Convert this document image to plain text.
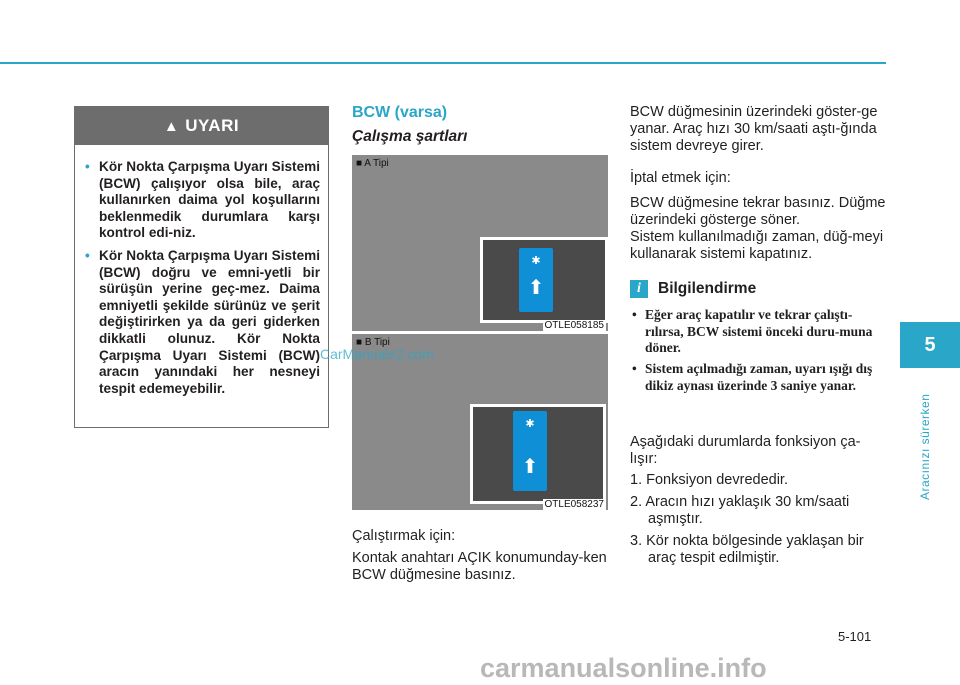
▲ UYARI
• Kör Nokta Çarpışma Uyarı Sistemi (BCW) çalışıyor olsa bile, araç kullanırken daima yol koşullarını beklenmedik durumlara karşı kontrol edi-niz.
• Kör Nokta Çarpışma Uyarı Sistemi (BCW) doğru ve emni-yetli bir sürüşün yerine geç-mez. Daima emniyetli şekilde sürünüz ve şerit değiştirirken ya da geri giderken dikkatli olunuz. Kör Nokta Çarpışma Uyarı Sistemi (BCW) aracın yanındaki her nesneyi tespit edemeyebilir.
BCW (varsa)
Çalışma şartları
■ A Tipi
✱
⬆
OTLE058185
■ B Tipi
✱
⬆
OTLE058237
Çalıştırmak için:
Kontak anahtarı AÇIK konumunday-ken BCW düğmesine basınız.
BCW düğmesinin üzerindeki göster-ge yanar. Araç hızı 30 km/saati aştı-ğında sistem devreye girer.
İptal etmek için:
BCW düğmesine tekrar basınız. Düğme üzerindeki gösterge söner.
Sistem kullanılmadığı zaman, düğ-meyi kullanarak sistemi kapatınız.
i	Bilgilendirme
• Eğer araç kapatılır ve tekrar çalıştı-rılırsa, BCW sistemi önceki duru-muna döner.
• Sistem açılmadığı zaman, uyarı ışığı dış dikiz aynası üzerinde 3 saniye yanar.
Aşağıdaki durumlarda fonksiyon ça-lışır:
1. Fonksiyon devrededir.
2. Aracın hızı yaklaşık 30 km/saati aşmıştır.
3. Kör nokta bölgesinde yaklaşan bir araç tespit edilmiştir.
5
Aracınızı sürerken
5-101
CarManuals2.com
carmanualsonline.info
